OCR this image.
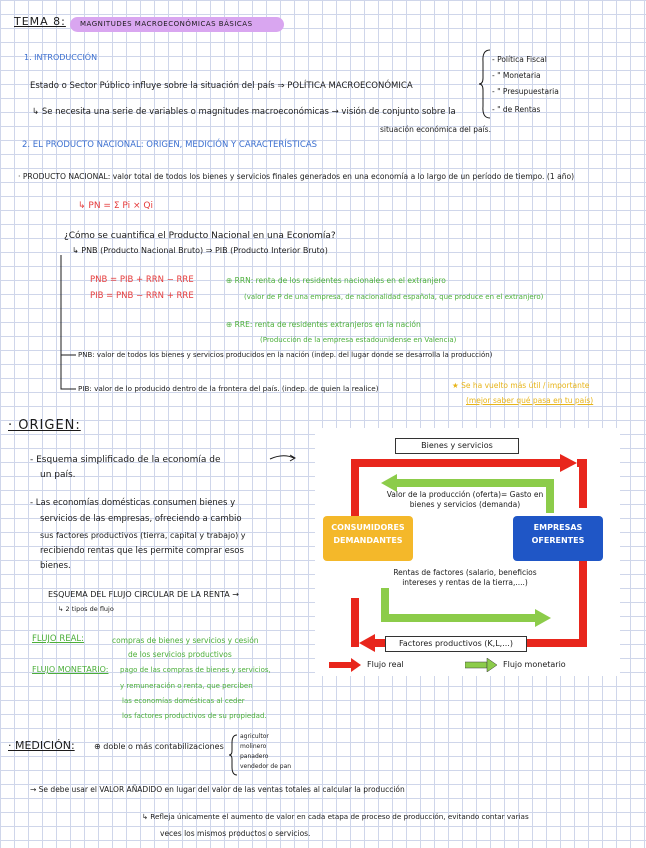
TEMA 8: MAGNITUDES MACROECONÓMICAS BÁSICAS
1. INTRODUCCIÓN
Estado o Sector Público influye sobre la situación del país ⇒ POLÍTICA MACROECONÓMICA
↳ Se necesita una serie de variables o magnitudes macroeconómicas → visión de conjunto sobre la
situación económica del país.
- Política Fiscal
- " Monetaria
- " Presupuestaria
- " de Rentas
2. EL PRODUCTO NACIONAL: ORIGEN, MEDICIÓN Y CARACTERÍSTICAS
· PRODUCTO NACIONAL: valor total de todos los bienes y servicios finales generados en una economía a lo largo de un período de tiempo. (1 año)
↳ PN = Σ Pi × Qi
¿Cómo se cuantifica el Producto Nacional en una Economía?
↳ PNB (Producto Nacional Bruto) ⇒ PIB (Producto Interior Bruto)
PNB = PIB + RRN − RRE
PIB = PNB − RRN + RRE
⊕ RRN: renta de los residentes nacionales en el extranjero
(valor de P de una empresa, de nacionalidad española, que produce en el extranjero)
⊕ RRE: renta de residentes extranjeros en la nación
(Producción de la empresa estadounidense en Valencia)
PNB: valor de todos los bienes y servicios producidos en la nación (indep. del lugar donde se desarrolla la producción)
PIB: valor de lo producido dentro de la frontera del país. (indep. de quien la realice)	★ Se ha vuelto más útil / importante
(mejor saber qué pasa en tu país)
· ORIGEN:
- Esquema simplificado de la economía de
un país.
- Las economías domésticas consumen bienes y
servicios de las empresas, ofreciendo a cambio
sus factores productivos (tierra, capital y trabajo) y
recibiendo rentas que les permite comprar esos
bienes.
ESQUEMA DEL FLUJO CIRCULAR DE LA RENTA →
↳ 2 tipos de flujo
FLUJO REAL:	compras de bienes y servicios y cesión
de los servicios productivos
FLUJO MONETARIO: pago de las compras de bienes y servicios,
y remuneración o renta, que perciben
las economías domésticas al ceder
los factores productivos de su propiedad.
Bienes y servicios
Valor de la producción (oferta)= Gasto en bienes y servicios (demanda)
CONSUMIDORES DEMANDANTES
EMPRESAS OFERENTES
Rentas de factores (salario, beneficios intereses y rentas de la tierra,....)
Factores productivos (K,L,...)
Flujo real	Flujo monetario
· MEDICIÓN: ⊕ doble o más contabilizaciones
agricultor
molinero
panadero
vendedor de pan
→ Se debe usar el VALOR AÑADIDO en lugar del valor de las ventas totales al calcular la producción
↳ Refleja únicamente el aumento de valor en cada etapa de proceso de producción, evitando contar varias
veces los mismos productos o servicios.
